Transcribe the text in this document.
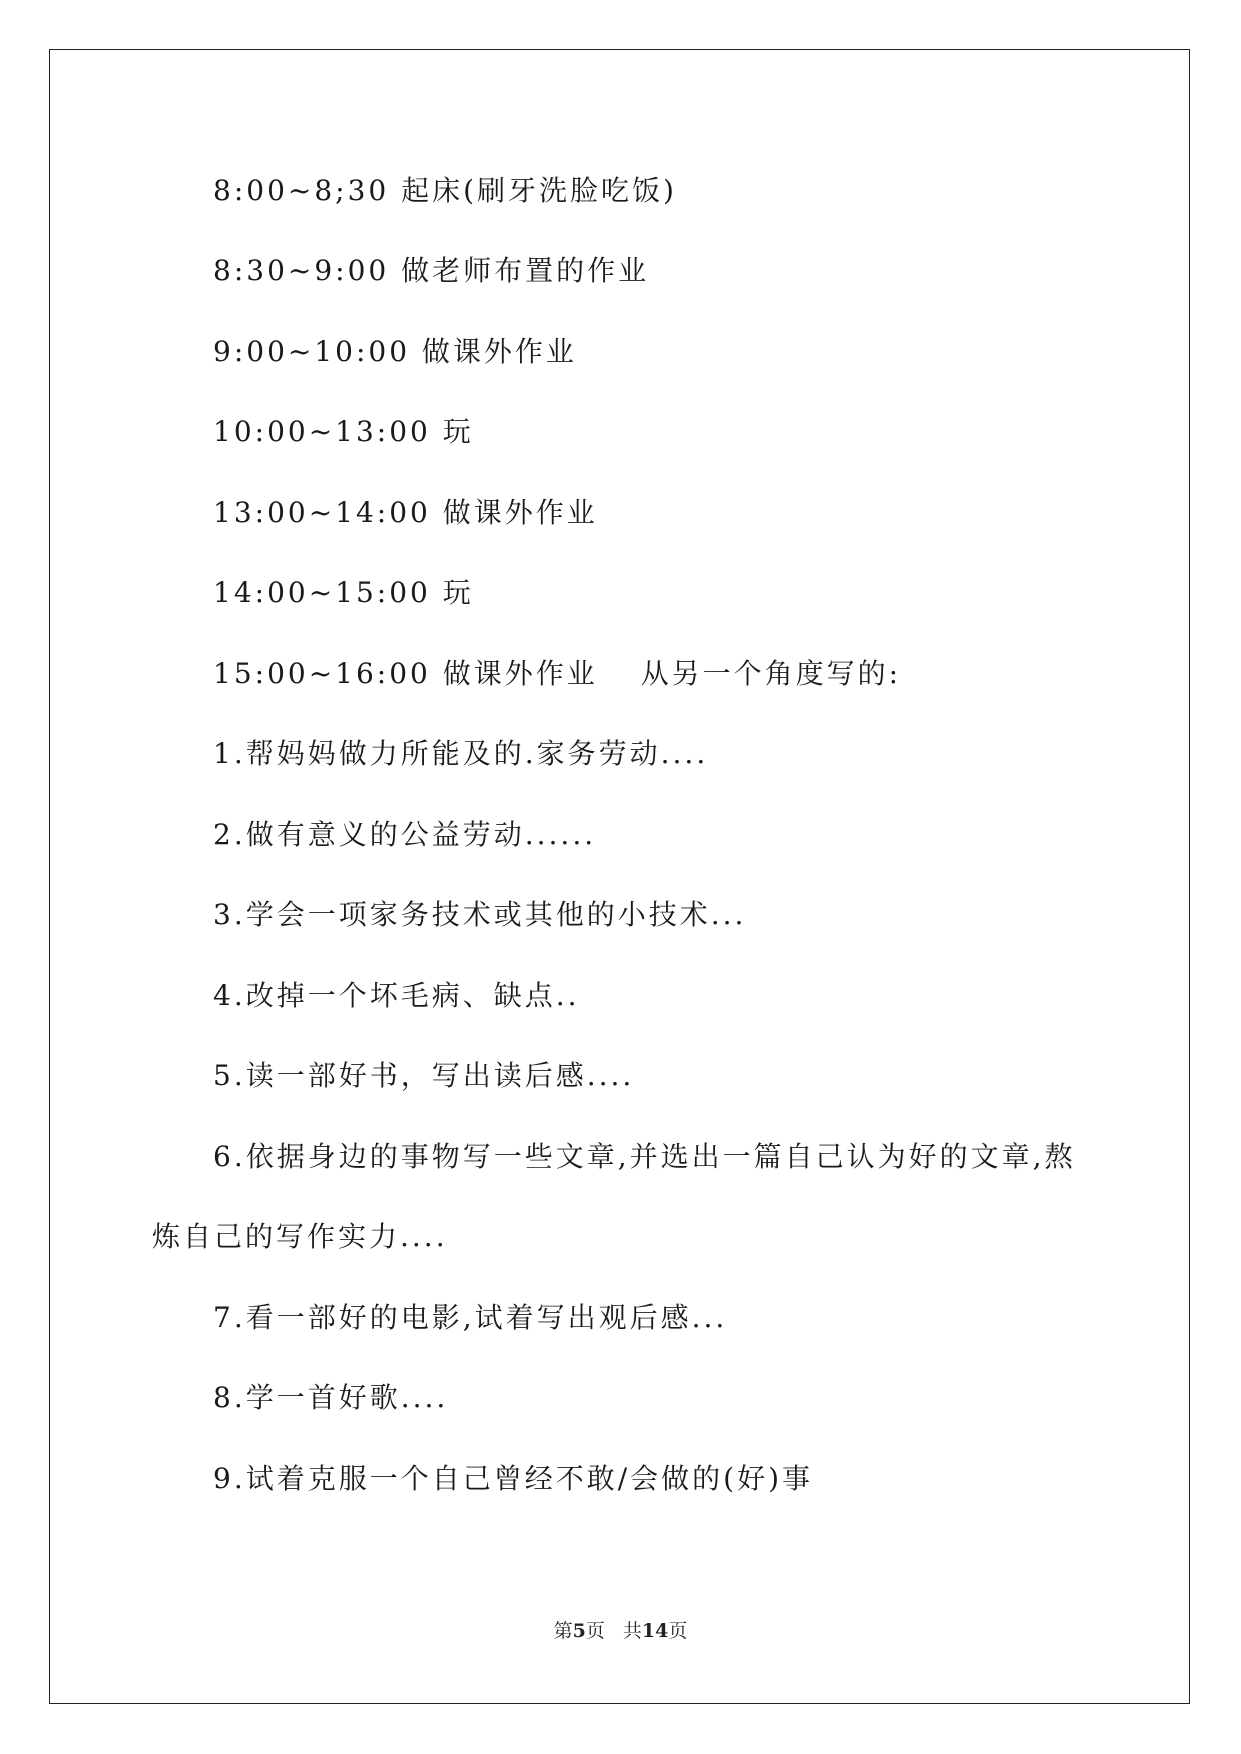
8:00~8;30 起床(刷牙洗脸吃饭)
8:30~9:00 做老师布置的作业
9:00~10:00 做课外作业
10:00~13:00 玩
13:00~14:00 做课外作业
14:00~15:00 玩
15:00~16:00 做课外作业　 从另一个角度写的:
1.帮妈妈做力所能及的.家务劳动....
2.做有意义的公益劳动......
3.学会一项家务技术或其他的小技术...
4.改掉一个坏毛病、缺点..
5.读一部好书，写出读后感....
6.依据身边的事物写一些文章,并选出一篇自己认为好的文章,熬
炼自己的写作实力....
7.看一部好的电影,试着写出观后感...
8.学一首好歌....
9.试着克服一个自己曾经不敢/会做的(好)事
第5页 共14页
